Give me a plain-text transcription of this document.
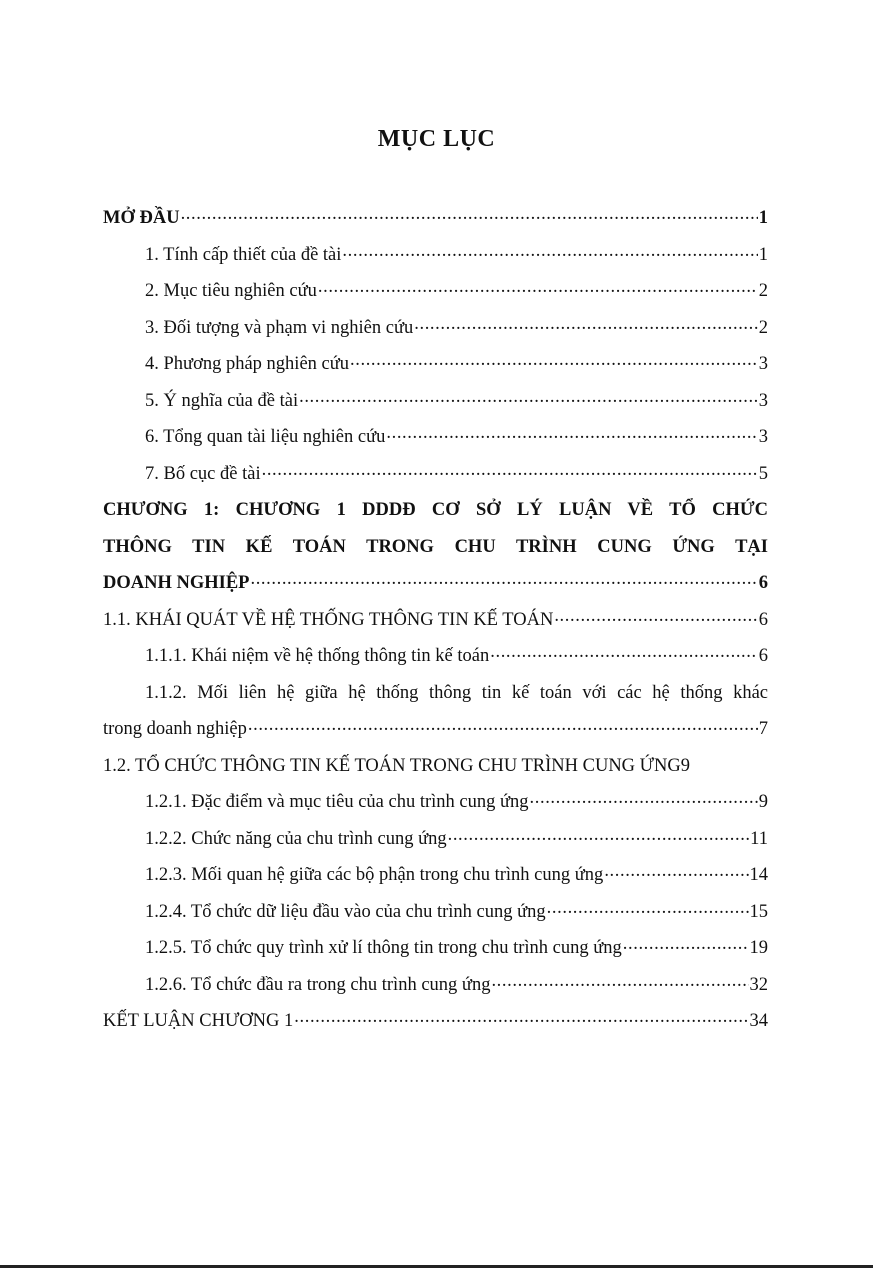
MỤC LỤC
MỞ ĐẦU .....	1
1. Tính cấp thiết của đề tài .....	1
2. Mục tiêu nghiên cứu .....	2
3. Đối tượng và phạm vi nghiên cứu .....	2
4. Phương pháp nghiên cứu .....	3
5. Ý nghĩa của đề tài .....	3
6. Tổng quan tài liệu nghiên cứu .....	3
7. Bố cục đề tài .....	5
CHƯƠNG 1: CHƯƠNG 1 DDDĐ CƠ SỞ LÝ LUẬN VỀ TỔ CHỨC
THÔNG TIN KẾ TOÁN TRONG CHU TRÌNH CUNG ỨNG TẠI
DOANH NGHIỆP .....	6
1.1. KHÁI QUÁT VỀ HỆ THỐNG THÔNG TIN KẾ TOÁN .....	6
1.1.1. Khái niệm về hệ thống thông tin kế toán .....	6
1.1.2. Mối liên hệ giữa hệ thống thông tin kế toán với các hệ thống khác
trong doanh nghiệp .....	7
1.2. TỔ CHỨC THÔNG TIN KẾ TOÁN TRONG CHU TRÌNH CUNG ỨNG9
1.2.1. Đặc điểm và mục tiêu của chu trình cung ứng .....	9
1.2.2. Chức năng của chu trình cung ứng .....	11
1.2.3. Mối quan hệ giữa các bộ phận trong chu trình cung ứng .....	14
1.2.4. Tổ chức dữ liệu đầu vào của chu trình cung ứng .....	15
1.2.5. Tổ chức quy trình xử lí thông tin trong chu trình cung ứng .....	19
1.2.6. Tổ chức đầu ra trong chu trình cung ứng .....	32
KẾT LUẬN CHƯƠNG 1 .....	34
